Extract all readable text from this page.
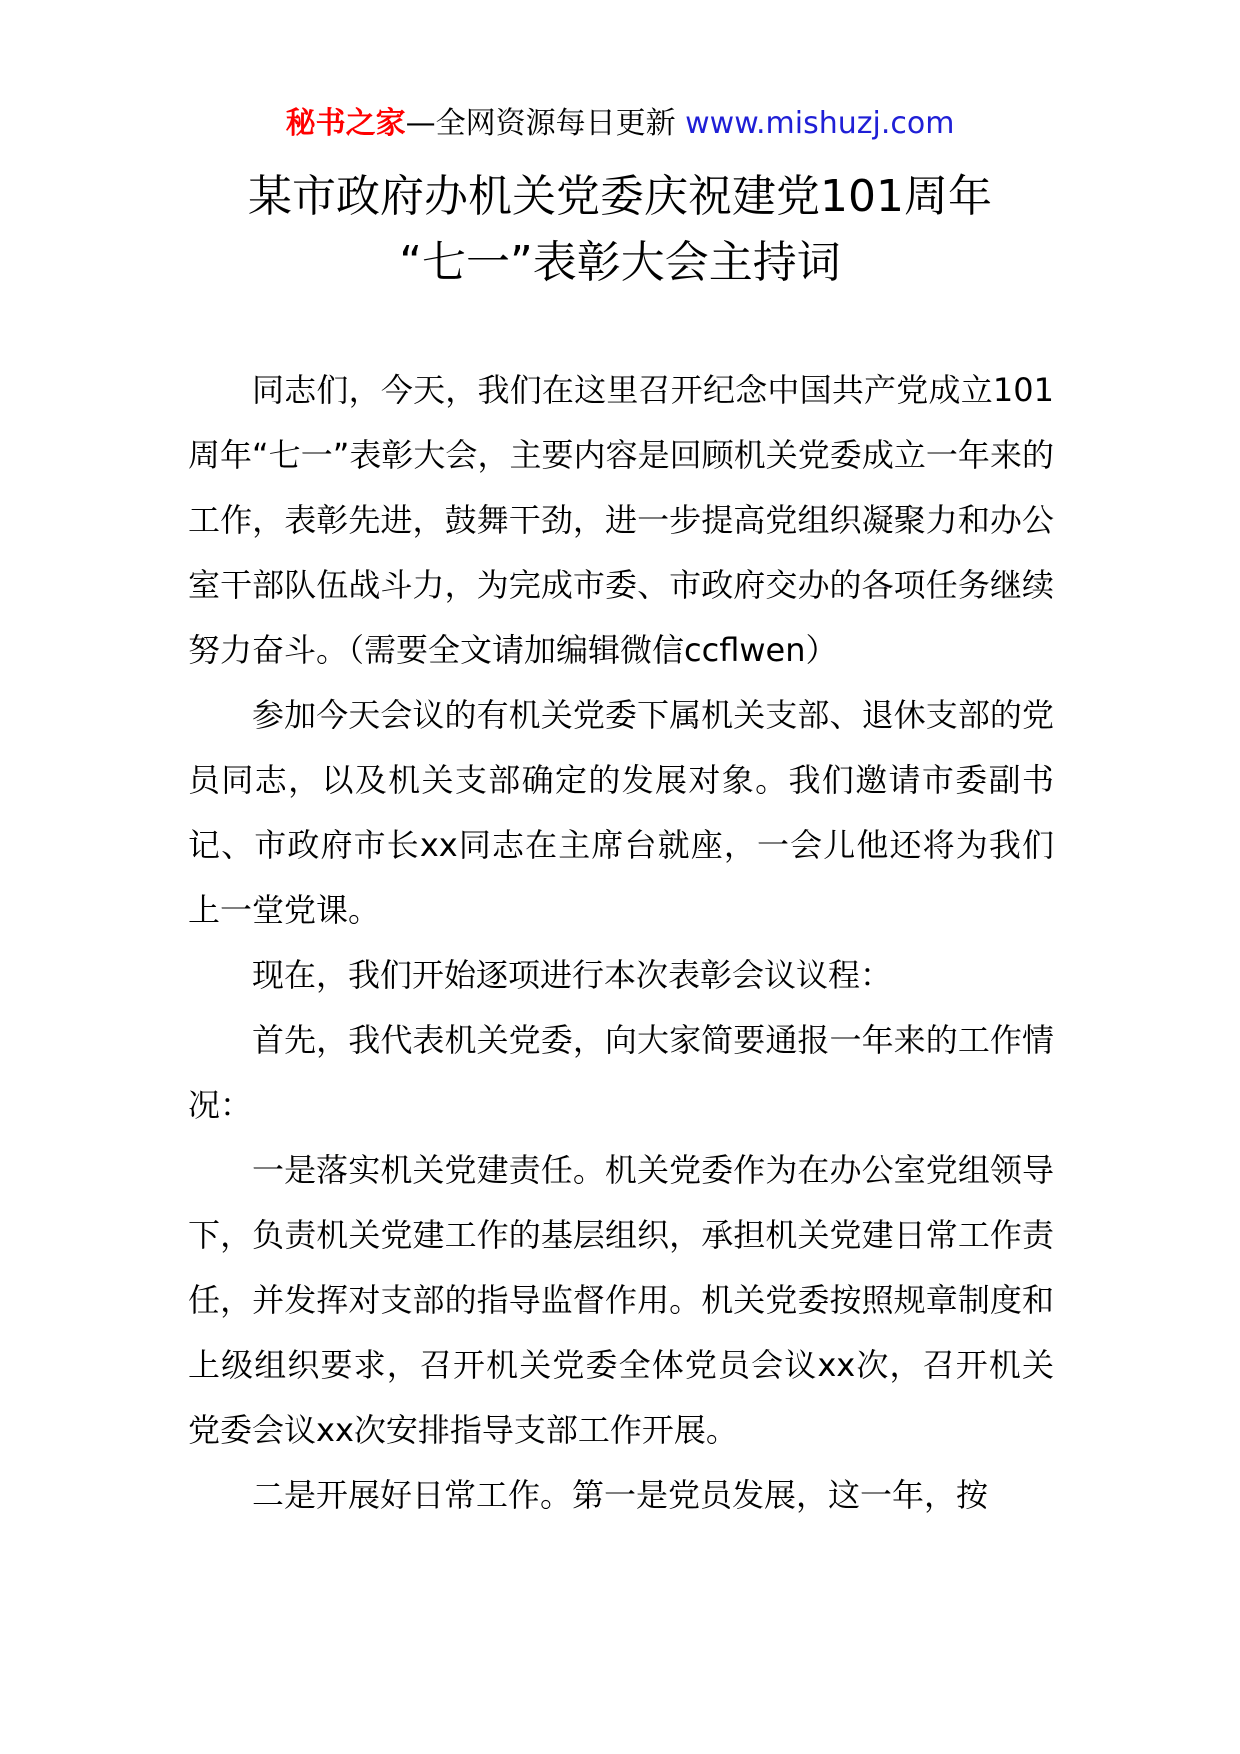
秘书之家—全网资源每日更新 www.mishuzj.com
某市政府办机关党委庆祝建党101周年
“七一”表彰大会主持词

同志们，今天，我们在这里召开纪念中国共产党成立101周年“七一”表彰大会，主要内容是回顾机关党委成立一年来的工作，表彰先进，鼓舞干劲，进一步提高党组织凝聚力和办公室干部队伍战斗力，为完成市委、市政府交办的各项任务继续努力奋斗。（需要全文请加编辑微信ccflwen）

参加今天会议的有机关党委下属机关支部、退休支部的党员同志，以及机关支部确定的发展对象。我们邀请市委副书记、市政府市长xx同志在主席台就座，一会儿他还将为我们上一堂党课。

现在，我们开始逐项进行本次表彰会议议程：

首先，我代表机关党委，向大家简要通报一年来的工作情况：

一是落实机关党建责任。机关党委作为在办公室党组领导下，负责机关党建工作的基层组织，承担机关党建日常工作责任，并发挥对支部的指导监督作用。机关党委按照规章制度和上级组织要求，召开机关党委全体党员会议xx次，召开机关党委会议xx次安排指导支部工作开展。

二是开展好日常工作。第一是党员发展，这一年，按
